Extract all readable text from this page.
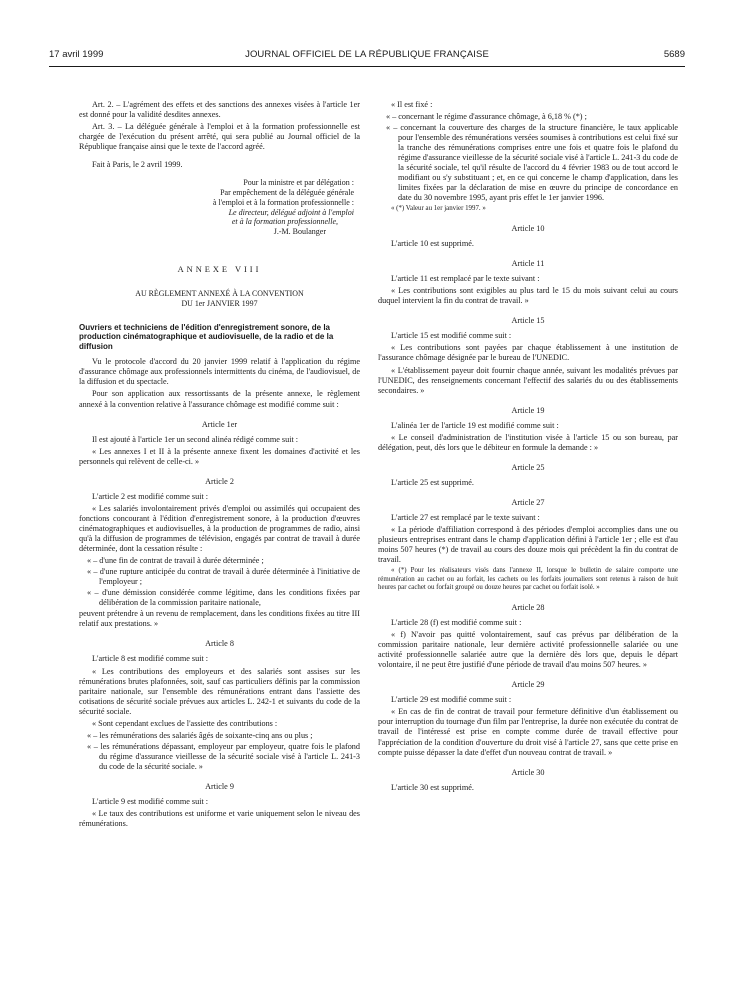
17 avril 1999	JOURNAL OFFICIEL DE LA RÉPUBLIQUE FRANÇAISE	5689

Art. 2. – L'agrément des effets et des sanctions des annexes visées à l'article 1er est donné pour la validité desdites annexes.

Art. 3. – La déléguée générale à l'emploi et à la formation professionnelle est chargée de l'exécution du présent arrêté, qui sera publié au Journal officiel de la République française ainsi que le texte de l'accord agréé.

Fait à Paris, le 2 avril 1999.

Pour la ministre et par délégation :

Par empêchement de la déléguée générale

à l'emploi et à la formation professionnelle :

Le directeur, délégué adjoint à l'emploi

et à la formation professionnelle,

J.-M. Boulanger

ANNEXE VIII

AU RÈGLEMENT ANNEXÉ À LA CONVENTION

DU 1er JANVIER 1997

Ouvriers et techniciens de l'édition d'enregistrement sonore, de la production cinématographique et audiovisuelle, de la radio et de la diffusion

Vu le protocole d'accord du 20 janvier 1999 relatif à l'application du régime d'assurance chômage aux professionnels intermittents du cinéma, de l'audiovisuel, de la diffusion et du spectacle.

Pour son application aux ressortissants de la présente annexe, le règlement annexé à la convention relative à l'assurance chômage est modifié comme suit :

Article 1er

Il est ajouté à l'article 1er un second alinéa rédigé comme suit :

« Les annexes I et II à la présente annexe fixent les domaines d'activité et les personnels qui relèvent de celle-ci. »

Article 2

L'article 2 est modifié comme suit :

« Les salariés involontairement privés d'emploi ou assimilés qui occupaient des fonctions concourant à l'édition d'enregistrement sonore, à la production d'œuvres cinématographiques et audiovisuelles, à la production de programmes de radio, ainsi qu'à la diffusion de programmes de télévision, engagés par contrat de travail à durée déterminée, dont la cessation résulte :

« – d'une fin de contrat de travail à durée déterminée ;

« – d'une rupture anticipée du contrat de travail à durée déterminée à l'initiative de l'employeur ;

« – d'une démission considérée comme légitime, dans les conditions fixées par délibération de la commission paritaire nationale,

peuvent prétendre à un revenu de remplacement, dans les conditions fixées au titre III relatif aux prestations. »

Article 8

L'article 8 est modifié comme suit :

« Les contributions des employeurs et des salariés sont assises sur les rémunérations brutes plafonnées, soit, sauf cas particuliers définis par la commission paritaire nationale, sur l'ensemble des rémunérations entrant dans l'assiette des cotisations de sécurité sociale prévues aux articles L. 242-1 et suivants du code de la sécurité sociale.

« Sont cependant exclues de l'assiette des contributions :

« – les rémunérations des salariés âgés de soixante-cinq ans ou plus ;

« – les rémunérations dépassant, employeur par employeur, quatre fois le plafond du régime d'assurance vieillesse de la sécurité sociale visé à l'article L. 241-3 du code de la sécurité sociale. »

Article 9

L'article 9 est modifié comme suit :

« Le taux des contributions est uniforme et varie uniquement selon le niveau des rémunérations.

« Il est fixé :

« – concernant le régime d'assurance chômage, à 6,18 % (*) ;

« – concernant la couverture des charges de la structure financière, le taux applicable pour l'ensemble des rémunérations versées soumises à contributions est celui fixé sur la tranche des rémunérations comprises entre une fois et quatre fois le plafond du régime d'assurance vieillesse de la sécurité sociale visé à l'article L. 241-3 du code de la sécurité sociale, tel qu'il résulte de l'accord du 4 février 1983 ou de tout accord le modifiant ou s'y substituant ; et, en ce qui concerne le champ d'application, dans les limites fixées par la déclaration de mise en œuvre du principe de concordance en date du 30 novembre 1995, ayant pris effet le 1er janvier 1996.

« (*) Valeur au 1er janvier 1997. »

Article 10

L'article 10 est supprimé.

Article 11

L'article 11 est remplacé par le texte suivant :

« Les contributions sont exigibles au plus tard le 15 du mois suivant celui au cours duquel intervient la fin du contrat de travail. »

Article 15

L'article 15 est modifié comme suit :

« Les contributions sont payées par chaque établissement à une institution de l'assurance chômage désignée par le bureau de l'UNEDIC.

« L'établissement payeur doit fournir chaque année, suivant les modalités prévues par l'UNEDIC, des renseignements concernant l'effectif des salariés du ou des établissements secondaires. »

Article 19

L'alinéa 1er de l'article 19 est modifié comme suit :

« Le conseil d'administration de l'institution visée à l'article 15 ou son bureau, par délégation, peut, dès lors que le débiteur en formule la demande : »

Article 25

L'article 25 est supprimé.

Article 27

L'article 27 est remplacé par le texte suivant :

« La période d'affiliation correspond à des périodes d'emploi accomplies dans une ou plusieurs entreprises entrant dans le champ d'application défini à l'article 1er ; elle est d'au moins 507 heures (*) de travail au cours des douze mois qui précèdent la fin du contrat de travail.

« (*) Pour les réalisateurs visés dans l'annexe II, lorsque le bulletin de salaire comporte une rémunération au cachet ou au forfait, les cachets ou les forfaits journaliers sont retenus à raison de huit heures par cachet ou forfait groupé ou douze heures par cachet ou forfait isolé. »

Article 28

L'article 28 (f) est modifié comme suit :

« f) N'avoir pas quitté volontairement, sauf cas prévus par délibération de la commission paritaire nationale, leur dernière activité professionnelle salariée ou une activité professionnelle salariée autre que la dernière dès lors que, depuis le départ volontaire, il ne peut être justifié d'une période de travail d'au moins 507 heures. »

Article 29

L'article 29 est modifié comme suit :

« En cas de fin de contrat de travail pour fermeture définitive d'un établissement ou pour interruption du tournage d'un film par l'entreprise, la durée non exécutée du contrat de travail de l'intéressé est prise en compte comme durée de travail effective pour l'appréciation de la condition d'ouverture du droit visé à l'article 27, sans que cette prise en compte puisse dépasser la date d'effet d'un nouveau contrat de travail. »

Article 30

L'article 30 est supprimé.
